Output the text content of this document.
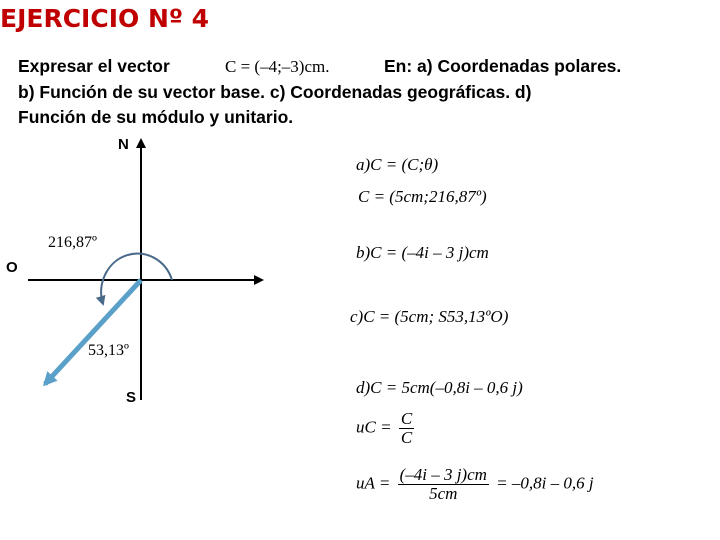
EJERCICIO Nº 4
Expresar el vector	C = (–4;–3)cm.	En: a) Coordenadas polares.
b) Función de su vector base. c) Coordenadas geográficas. d)
Función de su módulo y unitario.
N
O
S
216,87º
53,13º
a)C = (C;θ)
C = (5cm;216,87º)
b)C = (–4i – 3 j)cm
c)C = (5cm; S53,13ºO)
d)C = 5cm(–0,8i – 0,6 j)
uC = $\frac{C}{C}$
uA = $\frac{(-4i - 3 j)cm}{5cm} = -0,8i - 0,6$ j
